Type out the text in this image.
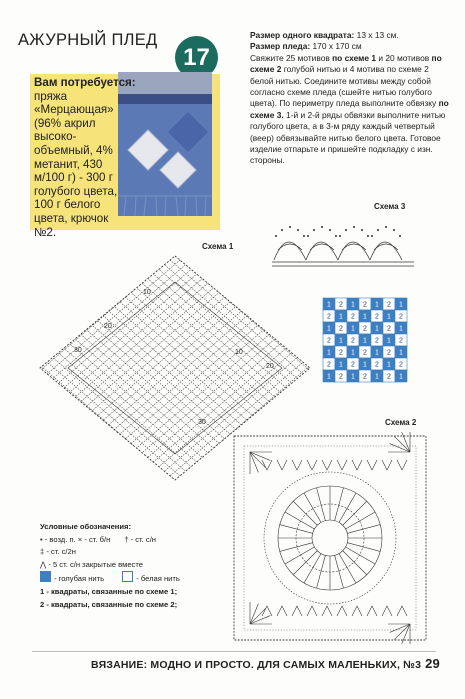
АЖУРНЫЙ ПЛЕД
17
Вам потребуется:
пряжа «Мерцающая» (96% акрил высоко-объемный, 4% метанит, 430 м/100 г) - 300 г голубого цвета, 100 г белого цвета, крючок №2.

Размер одного квадрата: 13 х 13 см.

Размер пледа: 170 х 170 см

Свяжите 25 мотивов по схеме 1 и 20 мотивов по схеме 2 голубой нитью и 4 мотива по схеме 2 белой нитью. Соедините мотивы между собой согласно схеме пледа (сшейте нитью голубого цвета). По периметру пледа выполните обвязку по схеме 3. 1-й и 2-й ряды обвязки выполните нитью голубого цвета, а в 3-м ряду каждый четвертый (веер) обвязывайте нитью белого цвета. Готовое изделие отпарьте и пришейте подкладку с изн. стороны.

Схема 3
1 2 1 2 1 2 1
2 1 2 1 2 1 2
1 2 1 2 1 2 1
2 1 2 1 2 1 2
1 2 1 2 1 2 1
2 1 2 1 2 1 2
1 2 1 2 1 2 1
Схема 1
10
20
30	10
20
30	Схема 2
Условные обозначения:
• - возд. п. × - ст. б/н † - ст. с/н
‡ - ст. с/2н
⋀ - 5 ст. с/н закрытые вместе
- голубая нить	- белая нить
1 - квадраты, связанные по схеме 1;
2 - квадраты, связанные по схеме 2;
ВЯЗАНИЕ: МОДНО И ПРОСТО. ДЛЯ САМЫХ МАЛЕНЬКИХ, №3 29
